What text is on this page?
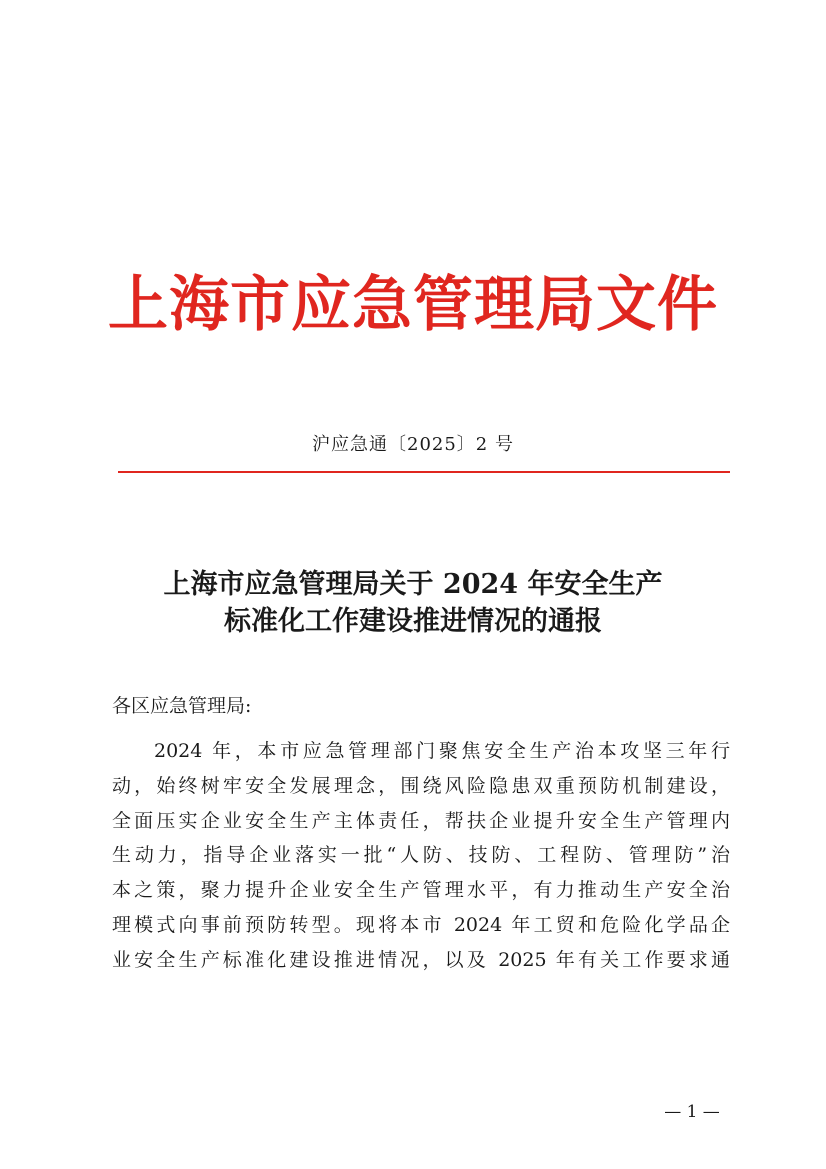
上海市应急管理局文件
沪应急通〔2025〕2 号
上海市应急管理局关于 2024 年安全生产
标准化工作建设推进情况的通报
各区应急管理局:
2024 年，本市应急管理部门聚焦安全生产治本攻坚三年行
动，始终树牢安全发展理念，围绕风险隐患双重预防机制建设，
全面压实企业安全生产主体责任，帮扶企业提升安全生产管理内
生动力，指导企业落实一批“人防、技防、工程防、管理防”治
本之策，聚力提升企业安全生产管理水平，有力推动生产安全治
理模式向事前预防转型。现将本市 2024 年工贸和危险化学品企
业安全生产标准化建设推进情况，以及 2025 年有关工作要求通
— 1 —
